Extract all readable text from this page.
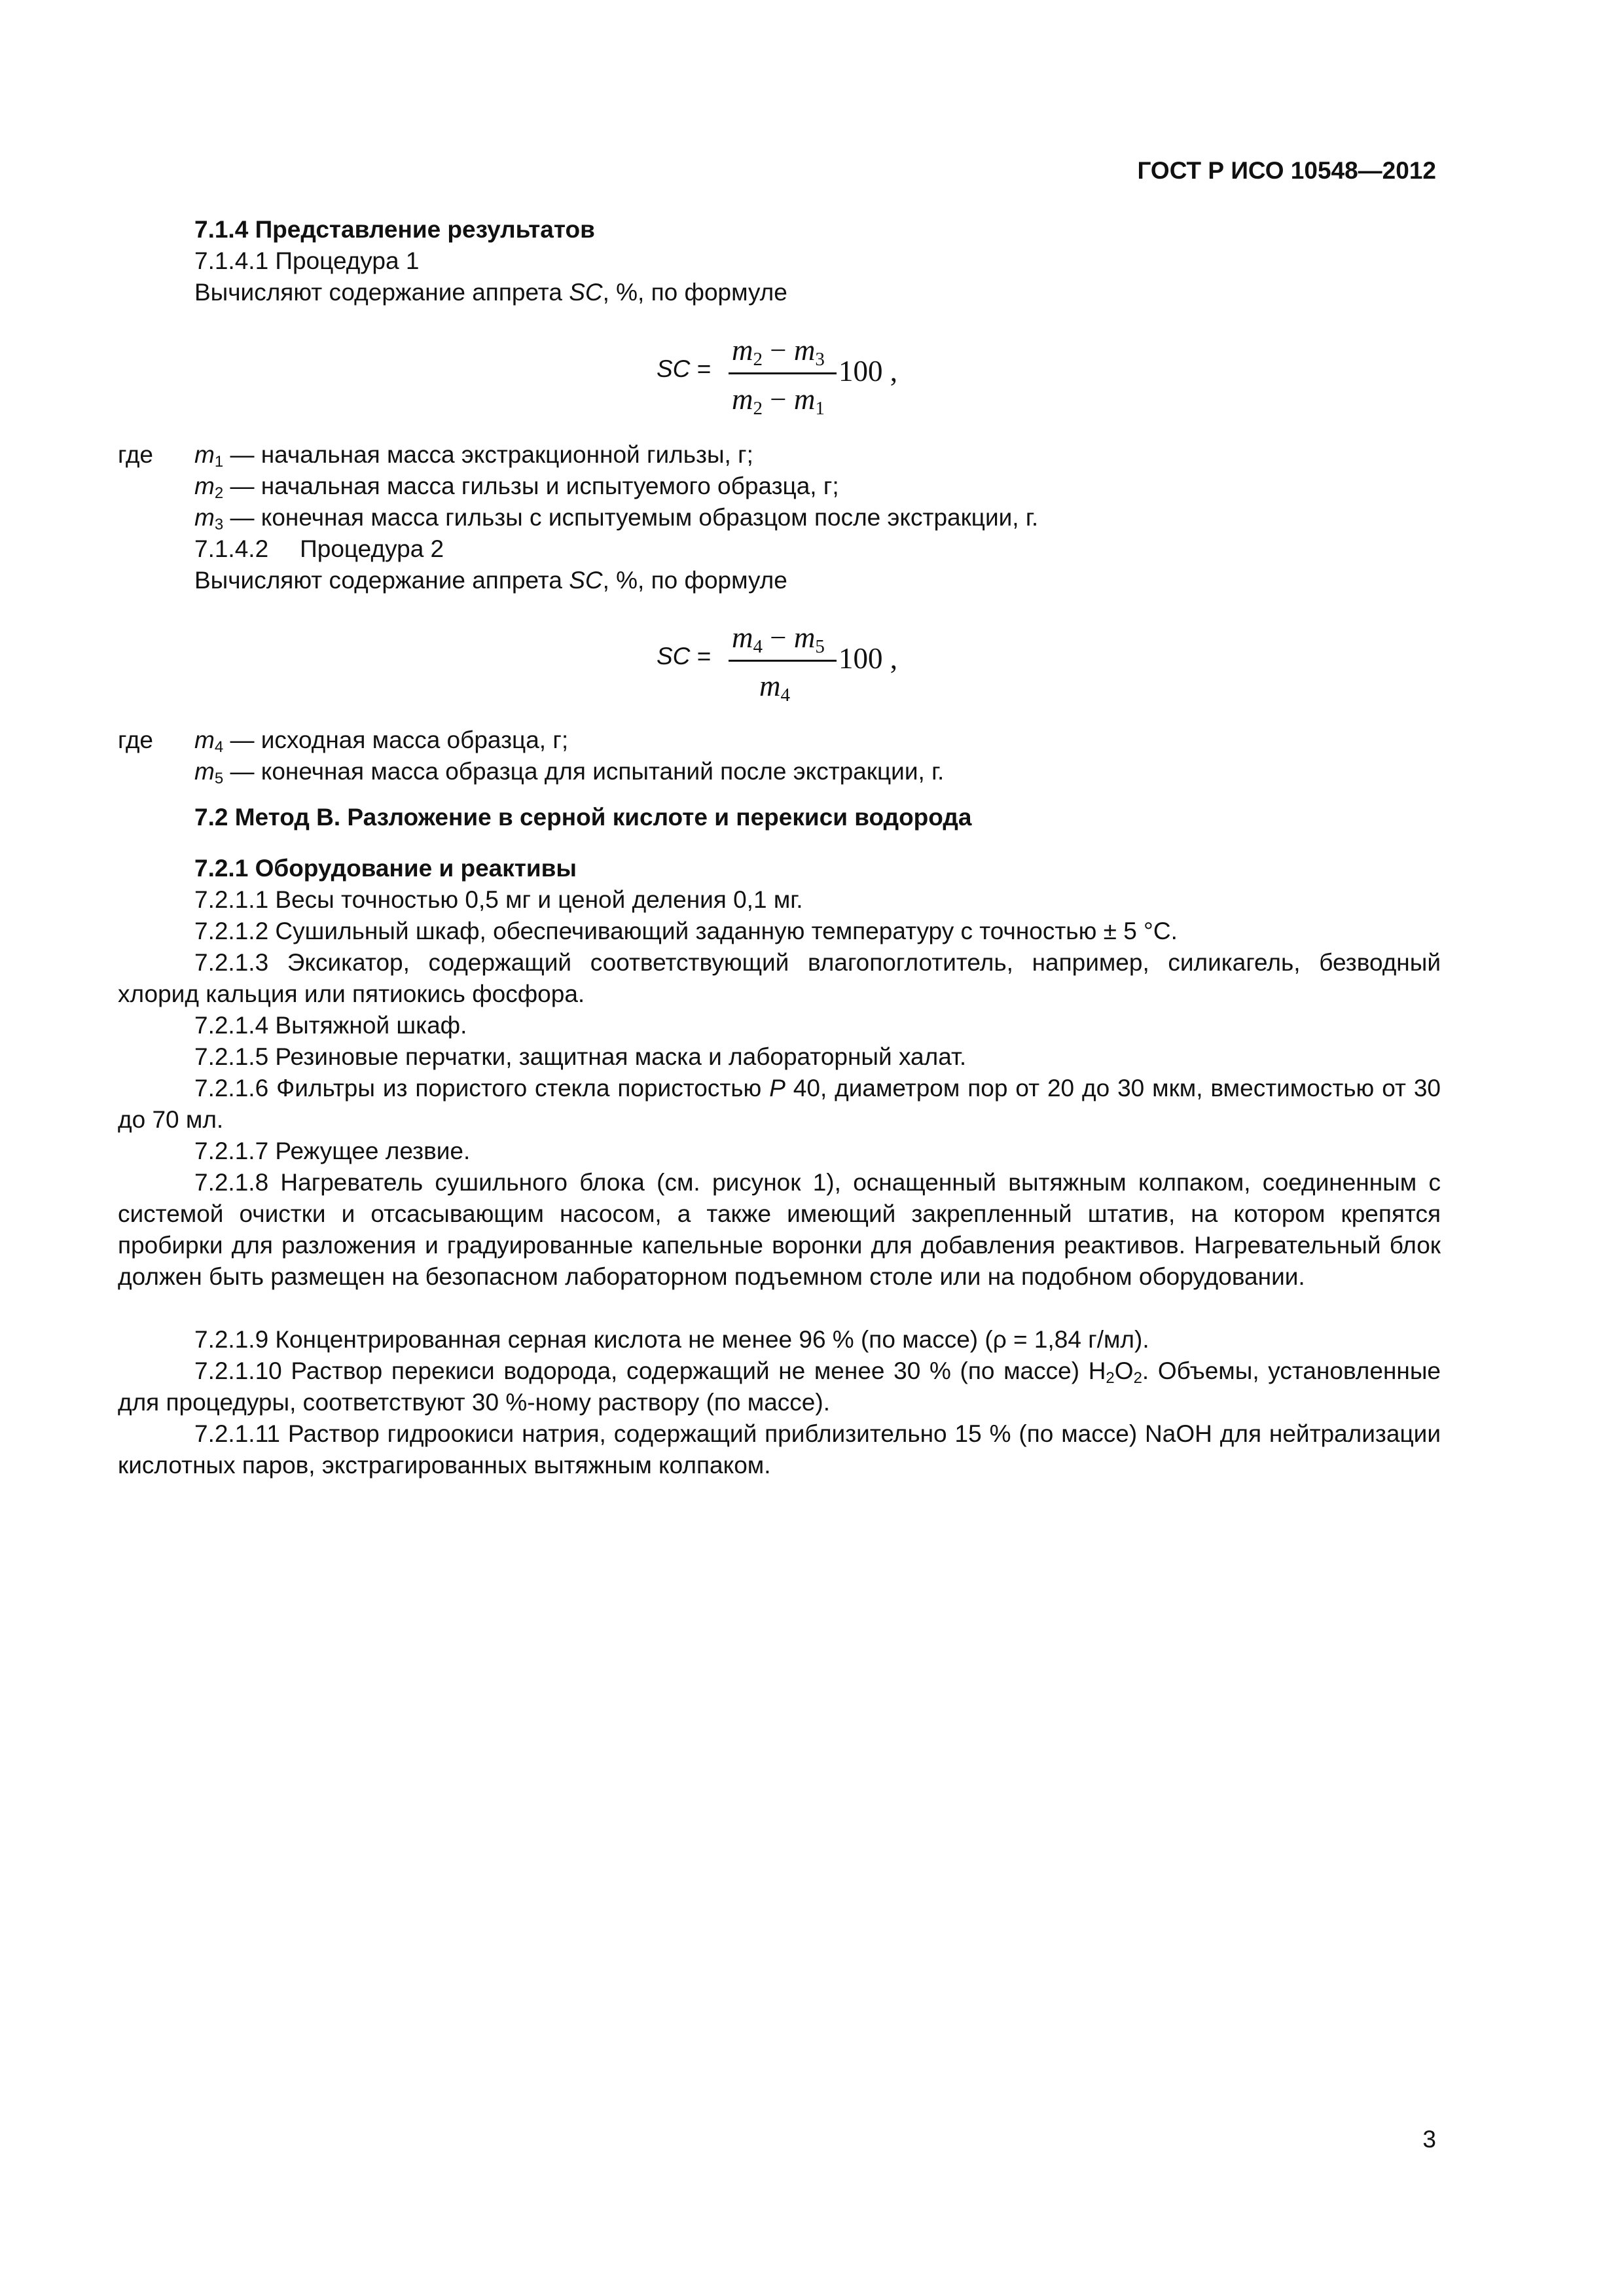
ГОСТ Р ИСО 10548—2012
7.1.4 Представление результатов
7.1.4.1 Процедура 1
Вычисляют содержание аппрета SC, %, по формуле
SC =
$m_2 - m_3$
$m_2 - m_1$
100 ,
где $m_1$ — начальная масса экстракционной гильзы, г;
$m_2$ — начальная масса гильзы и испытуемого образца, г;
$m_3$ — конечная масса гильзы с испытуемым образцом после экстракции, г.
7.1.4.2 Процедура 2
Вычисляют содержание аппрета SC, %, по формуле
SC =
$m_4 - m_5$
$m_4$
100 ,
где $m_4$ — исходная масса образца, г;
$m_5$ — конечная масса образца для испытаний после экстракции, г.
7.2 Метод В. Разложение в серной кислоте и перекиси водорода
7.2.1 Оборудование и реактивы
7.2.1.1 Весы точностью 0,5 мг и ценой деления 0,1 мг.
7.2.1.2 Сушильный шкаф, обеспечивающий заданную температуру с точностью ± 5 °С.
7.2.1.3 Эксикатор, содержащий соответствующий влагопоглотитель, например, силикагель, безводный хлорид кальция или пятиокись фосфора.
7.2.1.4 Вытяжной шкаф.
7.2.1.5 Резиновые перчатки, защитная маска и лабораторный халат.
7.2.1.6 Фильтры из пористого стекла пористостью P 40, диаметром пор от 20 до 30 мкм, вместимостью от 30 до 70 мл.
7.2.1.7 Режущее лезвие.
7.2.1.8 Нагреватель сушильного блока (см. рисунок 1), оснащенный вытяжным колпаком, соединенным с системой очистки и отсасывающим насосом, а также имеющий закрепленный штатив, на котором крепятся пробирки для разложения и градуированные капельные воронки для добавления реактивов. Нагревательный блок должен быть размещен на безопасном лабораторном подъемном столе или на подобном оборудовании.
7.2.1.9 Концентрированная серная кислота не менее 96 % (по массе) (ρ = 1,84 г/мл).
7.2.1.10 Раствор перекиси водорода, содержащий не менее 30 % (по массе) $H_2O_2$. Объемы, установленные для процедуры, соответствуют 30 %-ному раствору (по массе).
7.2.1.11 Раствор гидроокиси натрия, содержащий приблизительно 15 % (по массе) NaOH для нейтрализации кислотных паров, экстрагированных вытяжным колпаком.
3
